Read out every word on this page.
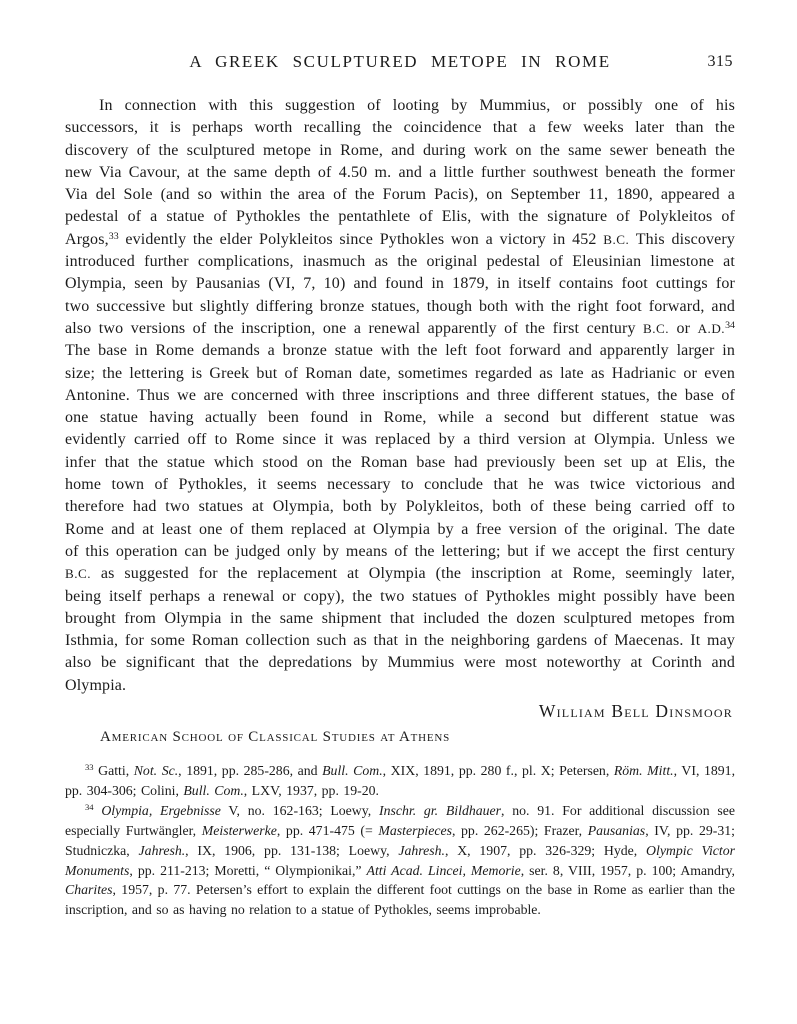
A GREEK SCULPTURED METOPE IN ROME	315

In connection with this suggestion of looting by Mummius, or possibly one of his successors, it is perhaps worth recalling the coincidence that a few weeks later than the discovery of the sculptured metope in Rome, and during work on the same sewer beneath the new Via Cavour, at the same depth of 4.50 m. and a little further southwest beneath the former Via del Sole (and so within the area of the Forum Pacis), on September 11, 1890, appeared a pedestal of a statue of Pythokles the pentathlete of Elis, with the signature of Polykleitos of Argos,$^{33}$ evidently the elder Polykleitos since Pythokles won a victory in 452 B.C. This discovery introduced further complications, inasmuch as the original pedestal of Eleusinian limestone at Olympia, seen by Pausanias (VI, 7, 10) and found in 1879, in itself contains foot cuttings for two successive but slightly differing bronze statues, though both with the right foot forward, and also two versions of the inscription, one a renewal apparently of the first century B.C. or A.D.$^{34}$ The base in Rome demands a bronze statue with the left foot forward and apparently larger in size; the lettering is Greek but of Roman date, sometimes regarded as late as Hadrianic or even Antonine. Thus we are concerned with three inscriptions and three different statues, the base of one statue having actually been found in Rome, while a second but different statue was evidently carried off to Rome since it was replaced by a third version at Olympia. Unless we infer that the statue which stood on the Roman base had previously been set up at Elis, the home town of Pythokles, it seems necessary to conclude that he was twice victorious and therefore had two statues at Olympia, both by Polykleitos, both of these being carried off to Rome and at least one of them replaced at Olympia by a free version of the original. The date of this operation can be judged only by means of the lettering; but if we accept the first century B.C. as suggested for the replacement at Olympia (the inscription at Rome, seemingly later, being itself perhaps a renewal or copy), the two statues of Pythokles might possibly have been brought from Olympia in the same shipment that included the dozen sculptured metopes from Isthmia, for some Roman collection such as that in the neighboring gardens of Maecenas. It may also be significant that the depredations by Mummius were most noteworthy at Corinth and Olympia.

William Bell Dinsmoor
American School of Classical Studies at Athens

$^{33}$ Gatti, Not. Sc., 1891, pp. 285-286, and Bull. Com., XIX, 1891, pp. 280 f., pl. X; Petersen, Röm. Mitt., VI, 1891, pp. 304-306; Colini, Bull. Com., LXV, 1937, pp. 19-20.

$^{34}$ Olympia, Ergebnisse V, no. 162-163; Loewy, Inschr. gr. Bildhauer, no. 91. For additional discussion see especially Furtwängler, Meisterwerke, pp. 471-475 (= Masterpieces, pp. 262-265); Frazer, Pausanias, IV, pp. 29-31; Studniczka, Jahresh., IX, 1906, pp. 131-138; Loewy, Jahresh., X, 1907, pp. 326-329; Hyde, Olympic Victor Monuments, pp. 211-213; Moretti, “ Olympionikai,” Atti Acad. Lincei, Memorie, ser. 8, VIII, 1957, p. 100; Amandry, Charites, 1957, p. 77. Petersen’s effort to explain the different foot cuttings on the base in Rome as earlier than the inscription, and so as having no relation to a statue of Pythokles, seems improbable.
